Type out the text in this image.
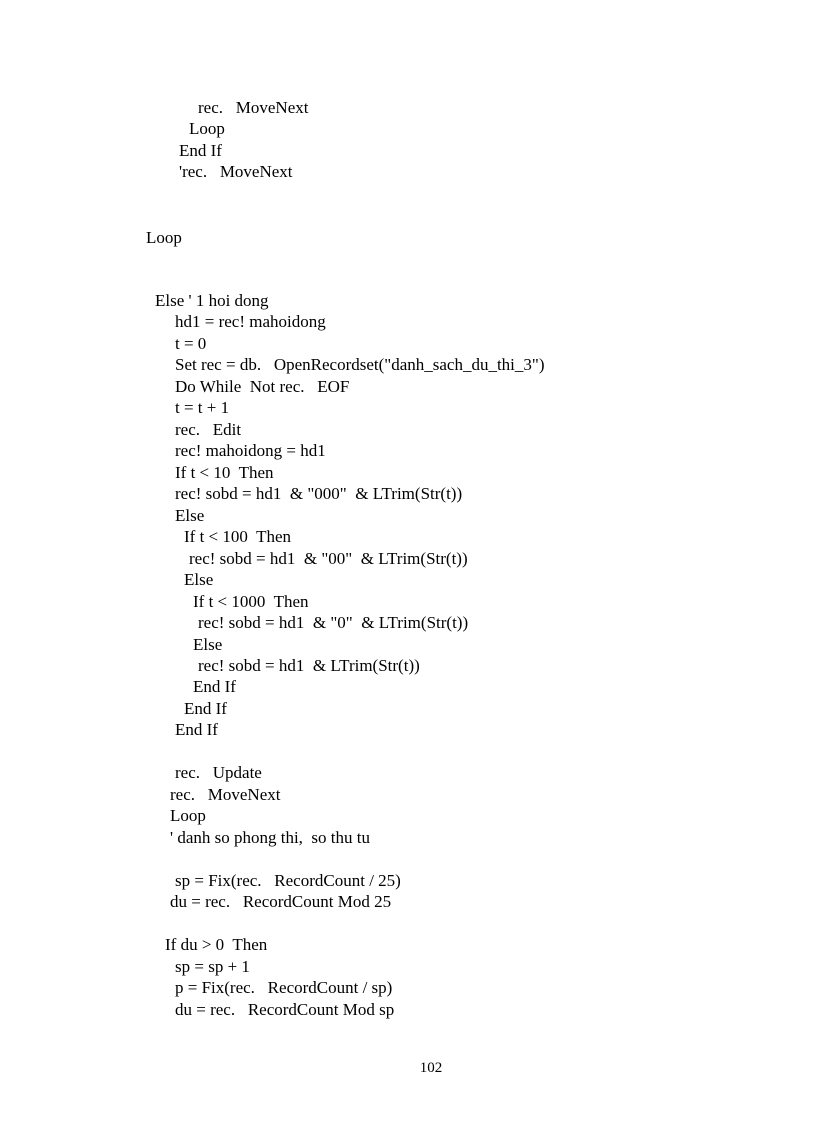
rec.   MoveNext
Loop
End If
'rec.   MoveNext
Loop
Else ' 1 hoi dong
hd1 = rec! mahoidong
t = 0
Set rec = db.   OpenRecordset("danh_sach_du_thi_3")
Do While  Not rec.   EOF
t = t + 1
rec.   Edit
rec! mahoidong = hd1
If t < 10  Then
rec! sobd = hd1  & "000"  & LTrim(Str(t))
Else
If t < 100  Then
rec! sobd = hd1  & "00"  & LTrim(Str(t))
Else
If t < 1000  Then
rec! sobd = hd1  & "0"  & LTrim(Str(t))
Else
rec! sobd = hd1  & LTrim(Str(t))
End If
End If
End If
rec.   Update
rec.   MoveNext
Loop
' danh so phong thi,  so thu tu
sp = Fix(rec.   RecordCount / 25)
du = rec.   RecordCount Mod 25
If du > 0  Then
sp = sp + 1
p = Fix(rec.   RecordCount / sp)
du = rec.   RecordCount Mod sp
102
